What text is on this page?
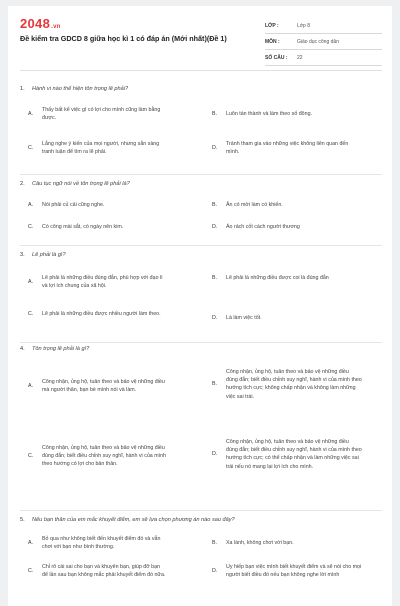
2048.vn
Đề kiểm tra GDCD 8 giữa học kì 1 có đáp án (Mới nhất)(Đề 1)
LỚP :	Lớp 8
MÔN :	Giáo dục công dân
SỐ CÂU :	22
1.	Hành vi nào thể hiện tôn trọng lẽ phải?
A.
Thấy bất kể việc gì có lợi cho mình cũng làm bằng được.
B.	Luôn tán thành và làm theo số đông.
C.
Lắng nghe ý kiến của mọi người, nhưng sẵn sàng tranh luận để tìm ra lẽ phải.
D.
Tránh tham gia vào những việc không liên quan đến mình.
2.	Câu tục ngữ nói về tôn trọng lẽ phải là?
A.	Nói phải củ cải cũng nghe.	B.	Ăn có mời làm có khiến.
C.	Có công mài sắt, có ngày nên kim.	D.	Áo rách cốt cách người thương
3.	Lẽ phải là gì?
A.
Lẽ phải là những điều đúng đắn, phù hợp với đạo lí và lợi ích chung của xã hội.
B.	Lẽ phải là những điều được coi là đúng đắn
C.	Lẽ phải là những điều được nhiều người làm theo.
D.	Là làm việc tốt.
4.	Tôn trọng lẽ phải là gì?
A.
Công nhận, ủng hộ, tuân theo và bảo vệ những điều mà người thân, bạn bè mình nói và làm.
B.
Công nhận, ủng hộ, tuân theo và bảo vệ những điều đúng đắn; biết điều chỉnh suy nghĩ, hành vi của mình theo hướng tích cực; không chấp nhận và không làm những việc sai trái.
C.
Công nhận, ủng hộ, tuân theo và bảo vệ những điều đúng đắn; biết điều chỉnh suy nghĩ, hành vi của mình theo hướng có lợi cho bản thân.
D.
Công nhận, ủng hộ, tuân theo và bảo vệ những điều đúng đắn; biết điều chỉnh suy nghĩ, hành vi của mình theo hướng tích cực; có thể chấp nhận và làm những việc sai trái nếu nó mang lại lợi ích cho mình.
5.	Nếu bạn thân của em mắc khuyết điểm, em sẽ lựa chọn phương án nào sau đây?
A.
Bỏ qua như không biết đến khuyết điểm đó và vẫn chơi với bạn như bình thường.
B.	Xa lánh, không chơi với bạn.
C.
Chỉ rõ cái sai cho bạn và khuyên bạn, giúp đỡ bạn để lần sau bạn không mắc phải khuyết điểm đó nữa.
D.
Uy hiếp bạn việc mình biết khuyết điểm và sẽ nói cho mọi người biết điều đó nếu bạn không nghe lời mình
